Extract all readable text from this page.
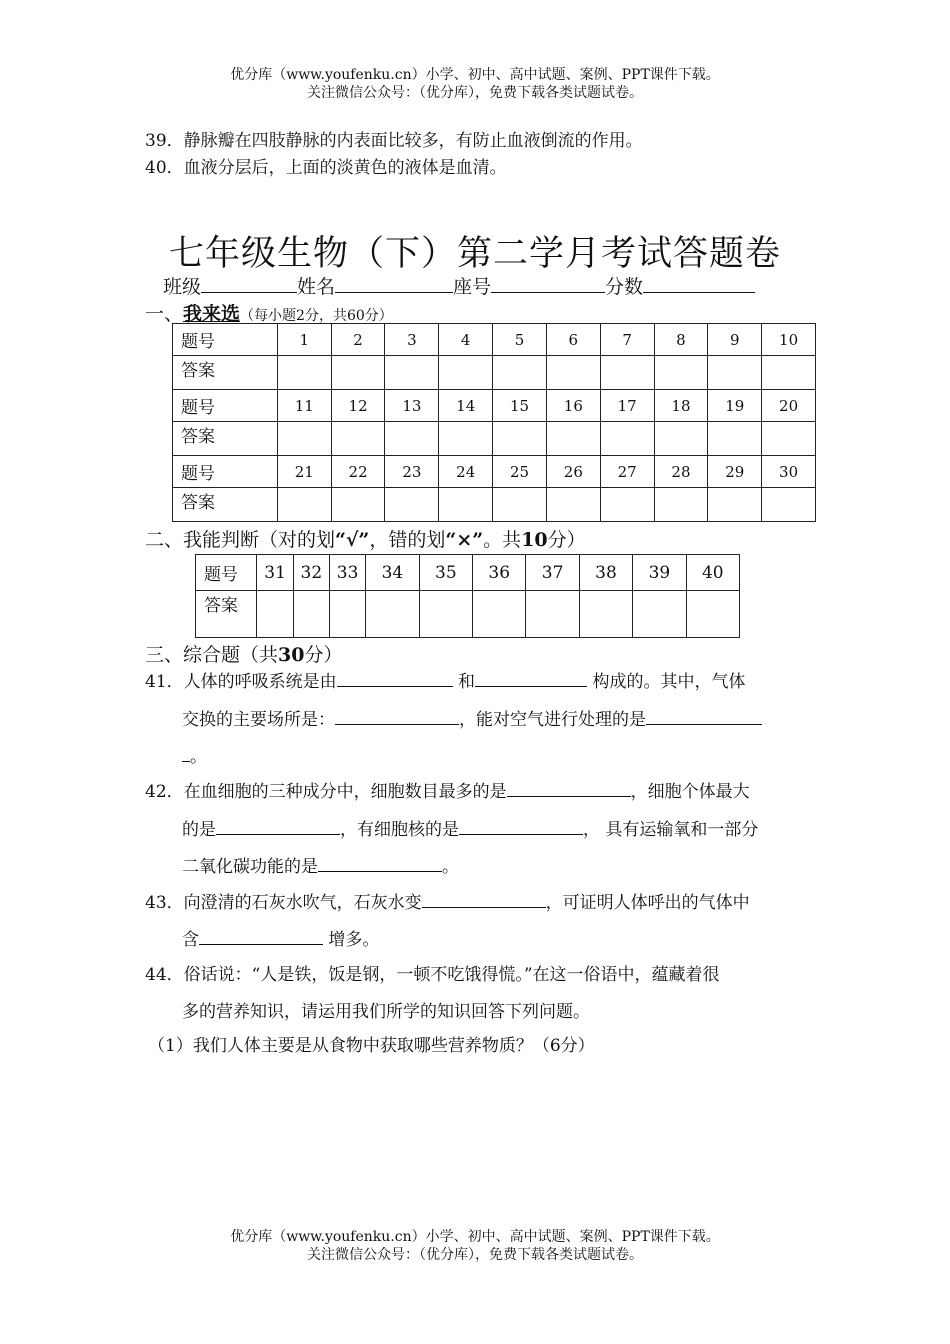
优分库（www.youfenku.cn）小学、初中、高中试题、案例、PPT课件下载。
关注微信公众号：（优分库），免费下载各类试题试卷。
39．静脉瓣在四肢静脉的内表面比较多，有防止血液倒流的作用。
40．血液分层后，上面的淡黄色的液体是血清。
七年级生物（下）第二学月考试答题卷
班级	姓名	座号	分数
一、我来选（每小题2分，共60分）
题号	1	2	3	4	5	6	7	8	9	10
答案										
题号	11	12	13	14	15	16	17	18	19	20
答案										
题号	21	22	23	24	25	26	27	28	29	30
答案										
二、我能判断（对的划“√”，错的划“×”。共10分）
题号	31	32	33	34	35	36	37	38	39	40
答案										
三、综合题（共30分）
41．人体的呼吸系统是由	和	构成的。其中，气体
交换的主要场所是：	，能对空气进行处理的是
。
42．在血细胞的三种成分中，细胞数目最多的是	，细胞个体最大
的是	，有细胞核的是	， 具有运输氧和一部分
二氧化碳功能的是	。
43．向澄清的石灰水吹气，石灰水变	，可证明人体呼出的气体中
含	增多。
44．俗话说：“人是铁，饭是钢，一顿不吃饿得慌。”在这一俗语中，蕴藏着很
多的营养知识，请运用我们所学的知识回答下列问题。
（1）我们人体主要是从食物中获取哪些营养物质？（6分）
优分库（www.youfenku.cn）小学、初中、高中试题、案例、PPT课件下载。
关注微信公众号：（优分库），免费下载各类试题试卷。
